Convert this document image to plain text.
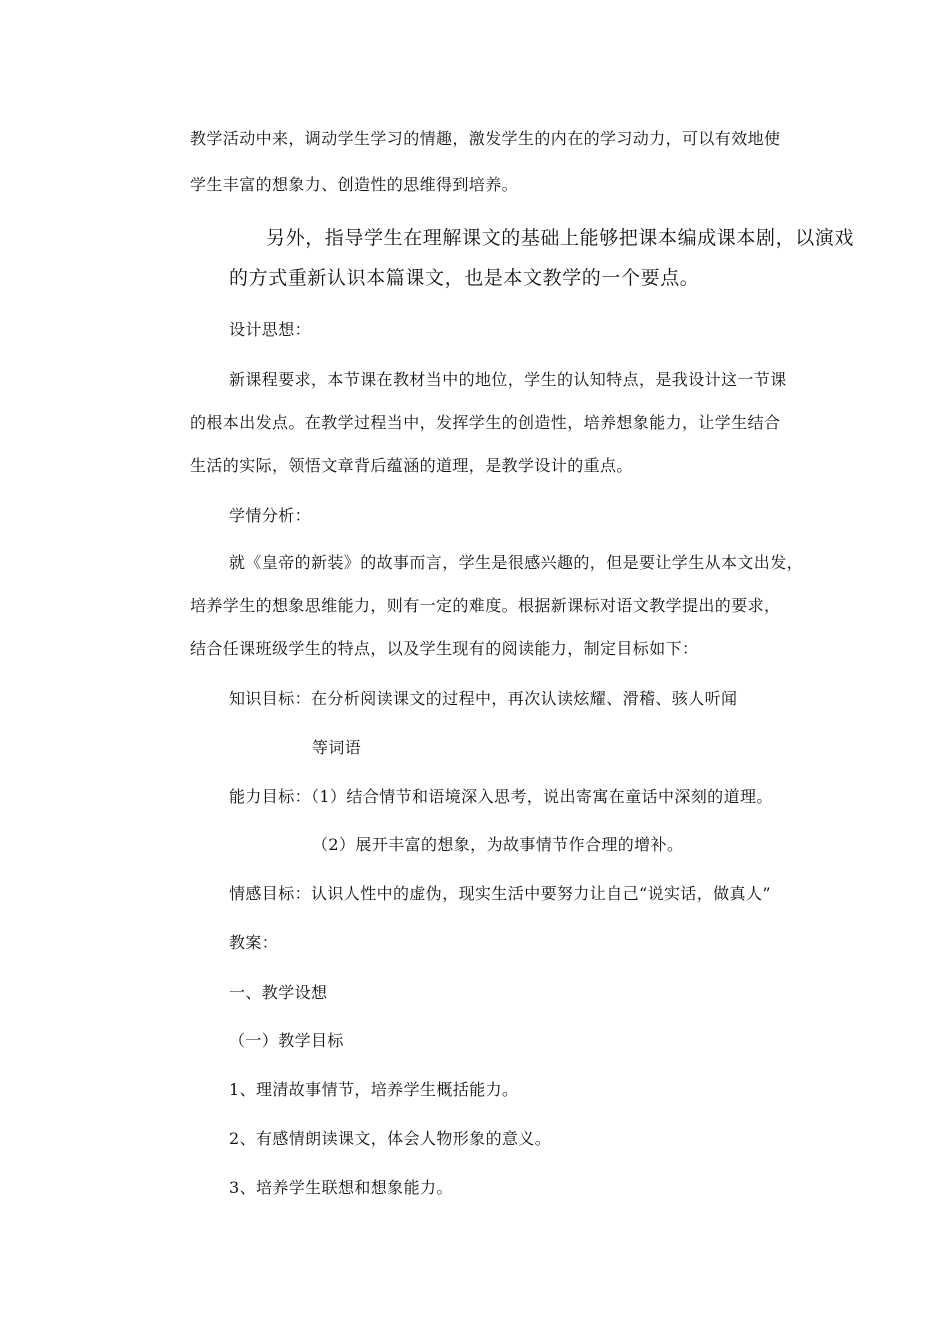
教学活动中来，调动学生学习的情趣，激发学生的内在的学习动力，可以有效地使
学生丰富的想象力、创造性的思维得到培养。
另外，指导学生在理解课文的基础上能够把课本编成课本剧，以演戏
的方式重新认识本篇课文，也是本文教学的一个要点。
设计思想：
新课程要求，本节课在教材当中的地位，学生的认知特点，是我设计这一节课
的根本出发点。在教学过程当中，发挥学生的创造性，培养想象能力，让学生结合
生活的实际，领悟文章背后蕴涵的道理，是教学设计的重点。
学情分析：
就《皇帝的新装》的故事而言，学生是很感兴趣的，但是要让学生从本文出发，
培养学生的想象思维能力，则有一定的难度。根据新课标对语文教学提出的要求，
结合任课班级学生的特点，以及学生现有的阅读能力，制定目标如下：
知识目标：在分析阅读课文的过程中，再次认读炫耀、滑稽、骇人听闻
等词语
能力目标：（1）结合情节和语境深入思考，说出寄寓在童话中深刻的道理。
（2）展开丰富的想象，为故事情节作合理的增补。
情感目标：认识人性中的虚伪，现实生活中要努力让自己“说实话，做真人”
教案：
一、教学设想
（一）教学目标
1、理清故事情节，培养学生概括能力。
2、有感情朗读课文，体会人物形象的意义。
3、培养学生联想和想象能力。
